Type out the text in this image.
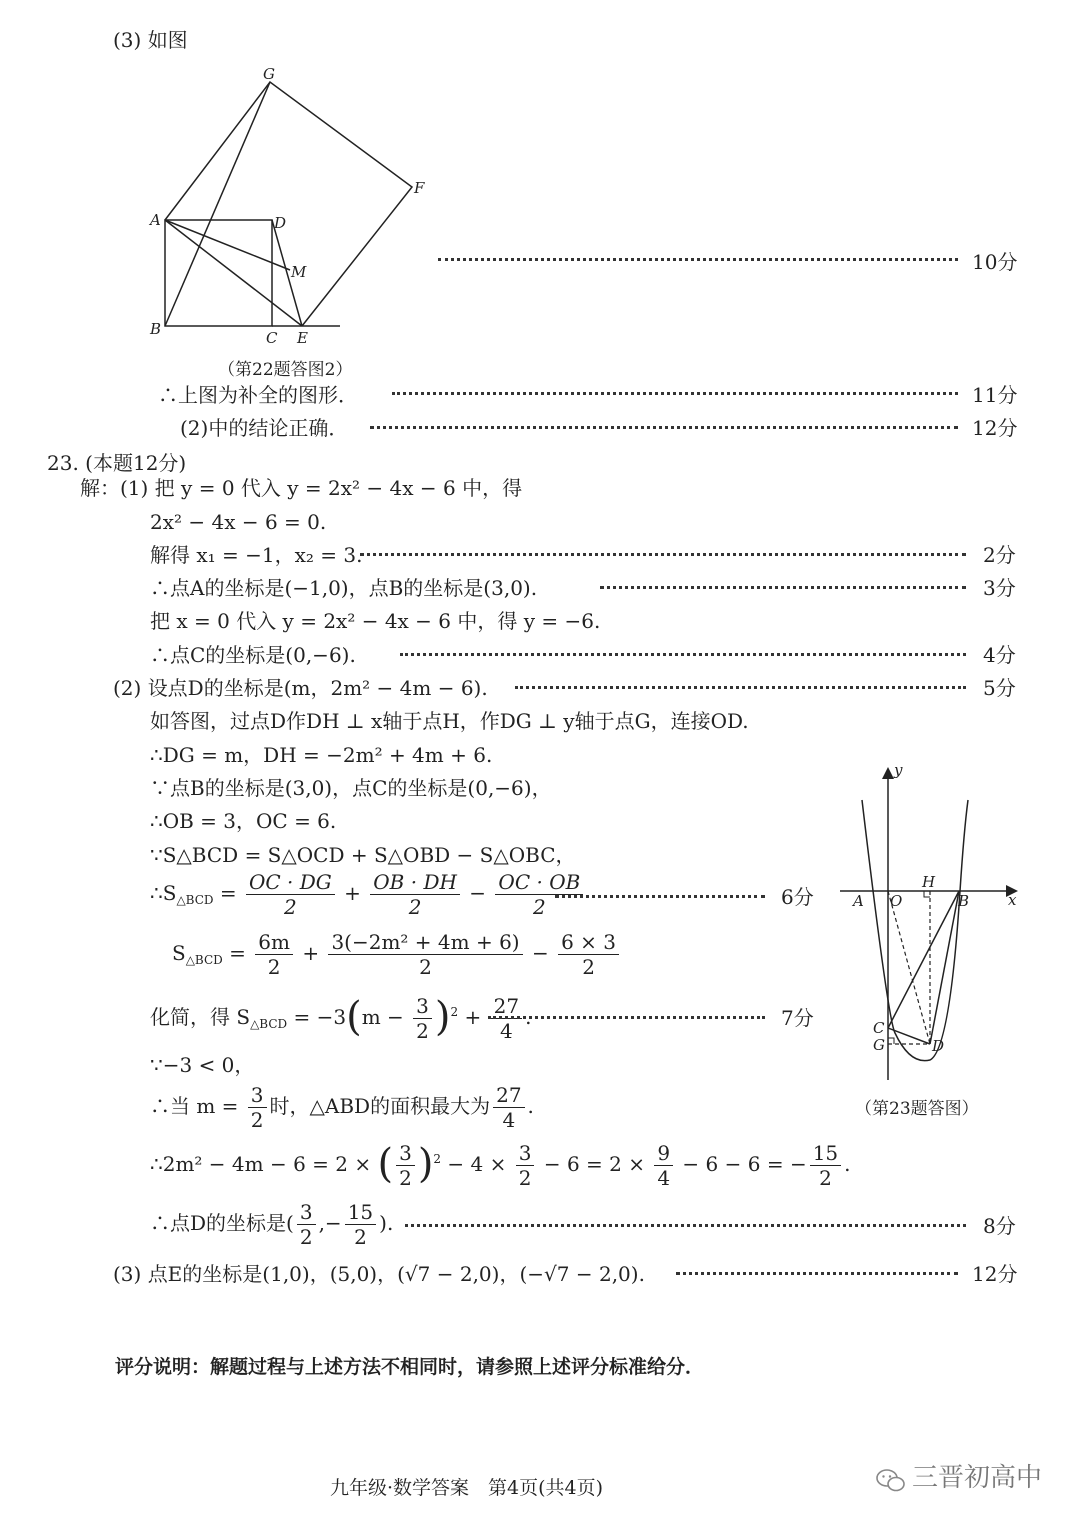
(3) 如图
G
F
A	D
M
B	C E
（第22题答图2）
10分
∴上图为补全的图形．	11分
(2)中的结论正确．	12分
23. (本题12分)
解：(1) 把 y = 0 代入 y = 2x² − 4x − 6 中，得
2x² − 4x − 6 = 0.
解得 x₁ = −1，x₂ = 3.	2分
∴点A的坐标是(−1,0)，点B的坐标是(3,0).	3分
把 x = 0 代入 y = 2x² − 4x − 6 中，得 y = −6.
∴点C的坐标是(0,−6).	4分
(2) 设点D的坐标是(m，2m² − 4m − 6).	5分
如答图，过点D作DH ⊥ x轴于点H，作DG ⊥ y轴于点G，连接OD.
∴DG = m，DH = −2m² + 4m + 6.
∵点B的坐标是(3,0)，点C的坐标是(0,−6)，
∴OB = 3，OC = 6.
∵S△BCD = S△OCD + S△OBD − S△OBC，
$\therefore S_{\triangle BCD} = \frac{OC \cdot DG}{2} + \frac{OB \cdot DH}{2} - \frac{OC \cdot OB}{2}$	6分
$S_{\triangle BCD} = \frac{6m}{2} + \frac{\text{3(−2m² + 4m + 6)}}{2} - \frac{6 \times 3}{2}$
化简，得 $S_{\triangle BCD} = -3(m - \frac{3}{2} )^2 + \frac{27}{4}$ .	7分
∵−3 < 0，
∴当 $m = \frac{3}{2}$ 时，△ABD的面积最大为 $\frac{27}{4}$ .
∴2m² − 4m − 6 = 2 × ( $\frac{3}{2} )^2 - 4 \times \frac{3}{2} - 6 = 2 \times \frac{9}{4} - 6 - 6$ = − $\frac{15}{2}$ .
∴点D的坐标是( $\frac{3}{2}$ ,− $\frac{15}{2}$ ).	8分
(3) 点E的坐标是(1,0)，(5,0)，(√7 − 2,0)，(−√7 − 2,0).	12分
y
x
H
A O	B
C
G	D
（第23题答图）
评分说明：解题过程与上述方法不相同时，请参照上述评分标准给分．
九年级·数学答案　第4页(共4页)	三晋初高中
